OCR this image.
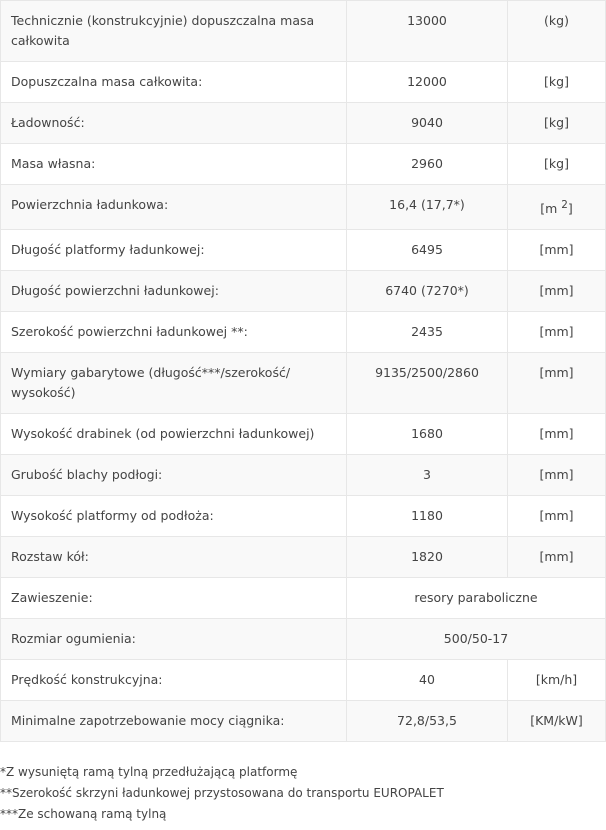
Technicznie (konstrukcyjnie) dopuszczalna masa całkowita	13000	(kg)
Dopuszczalna masa całkowita:	12000	[kg]
Ładowność:	9040	[kg]
Masa własna:	2960	[kg]
Powierzchnia ładunkowa:	16,4 (17,7*)	[m $^2$]
Długość platformy ładunkowej:	6495	[mm]
Długość powierzchni ładunkowej:	6740 (7270*)	[mm]
Szerokość powierzchni ładunkowej **:	2435	[mm]
Wymiary gabarytowe (długość***/szerokość/ wysokość)	9135/2500/2860	[mm]
Wysokość drabinek (od powierzchni ładunkowej)	1680	[mm]
Grubość blachy podłogi:	3	[mm]
Wysokość platformy od podłoża:	1180	[mm]
Rozstaw kół:	1820	[mm]
Zawieszenie:	resory paraboliczne	
Rozmiar ogumienia:	500/50-17	
Prędkość konstrukcyjna:	40	[km/h]
Minimalne zapotrzebowanie mocy ciągnika:	72,8/53,5	[KM/kW]
*Z wysuniętą ramą tylną przedłużającą platformę
**Szerokość skrzyni ładunkowej przystosowana do transportu EUROPALET
***Ze schowaną ramą tylną
